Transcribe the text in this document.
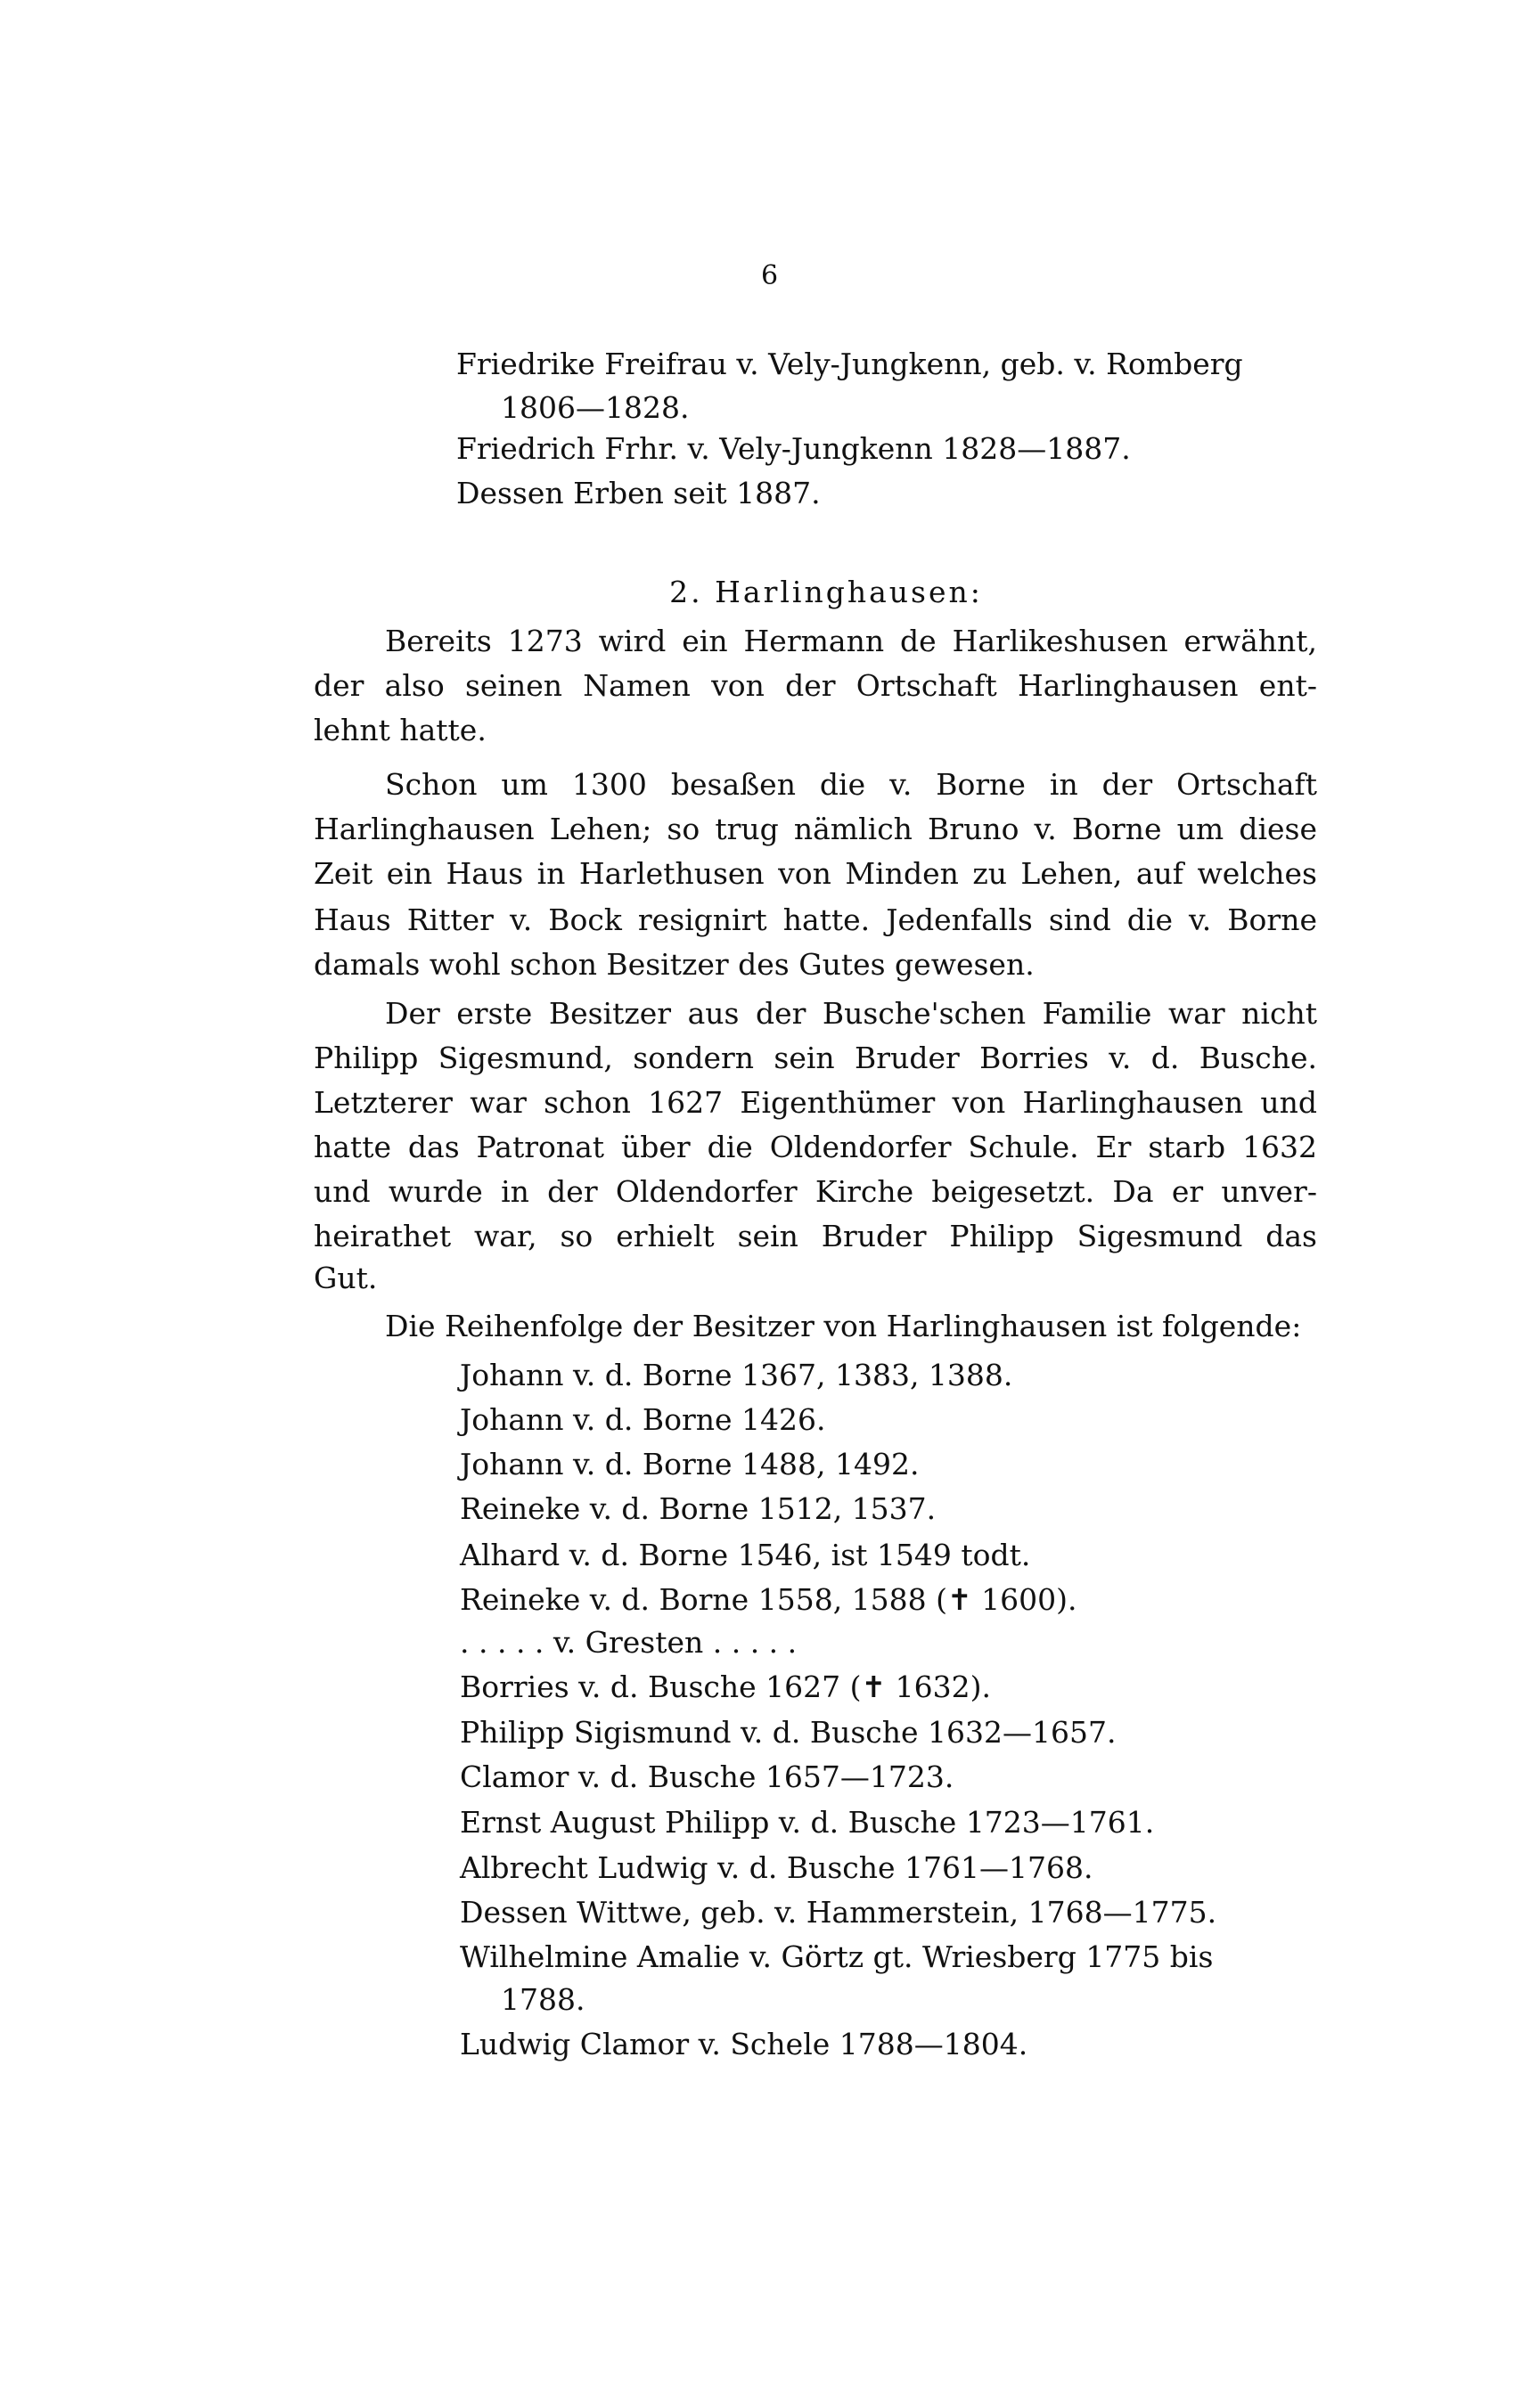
6
Friedrike Freifrau v. Vely-Jungkenn, geb. v. Romberg
1806—1828.
Friedrich Frhr. v. Vely-Jungkenn 1828—1887.
Dessen Erben seit 1887.
2. Harlinghausen:
Bereits 1273 wird ein Hermann de Harlikeshusen erwähnt,
der also seinen Namen von der Ortschaft Harlinghausen ent-
lehnt hatte.
Schon um 1300 besaßen die v. Borne in der Ortschaft
Harlinghausen Lehen; so trug nämlich Bruno v. Borne um diese
Zeit ein Haus in Harlethusen von Minden zu Lehen, auf welches
Haus Ritter v. Bock resignirt hatte. Jedenfalls sind die v. Borne
damals wohl schon Besitzer des Gutes gewesen.
Der erste Besitzer aus der Busche'schen Familie war nicht
Philipp Sigesmund, sondern sein Bruder Borries v. d. Busche.
Letzterer war schon 1627 Eigenthümer von Harlinghausen und
hatte das Patronat über die Oldendorfer Schule. Er starb 1632
und wurde in der Oldendorfer Kirche beigesetzt. Da er unver-
heirathet war, so erhielt sein Bruder Philipp Sigesmund das
Gut.
Die Reihenfolge der Besitzer von Harlinghausen ist folgende:
Johann v. d. Borne 1367, 1383, 1388.
Johann v. d. Borne 1426.
Johann v. d. Borne 1488, 1492.
Reineke v. d. Borne 1512, 1537.
Alhard v. d. Borne 1546, ist 1549 todt.
Reineke v. d. Borne 1558, 1588 (✝ 1600).
. . . . . v. Gresten . . . . .
Borries v. d. Busche 1627 (✝ 1632).
Philipp Sigismund v. d. Busche 1632—1657.
Clamor v. d. Busche 1657—1723.
Ernst August Philipp v. d. Busche 1723—1761.
Albrecht Ludwig v. d. Busche 1761—1768.
Dessen Wittwe, geb. v. Hammerstein, 1768—1775.
Wilhelmine Amalie v. Görtz gt. Wriesberg 1775 bis
1788.
Ludwig Clamor v. Schele 1788—1804.
